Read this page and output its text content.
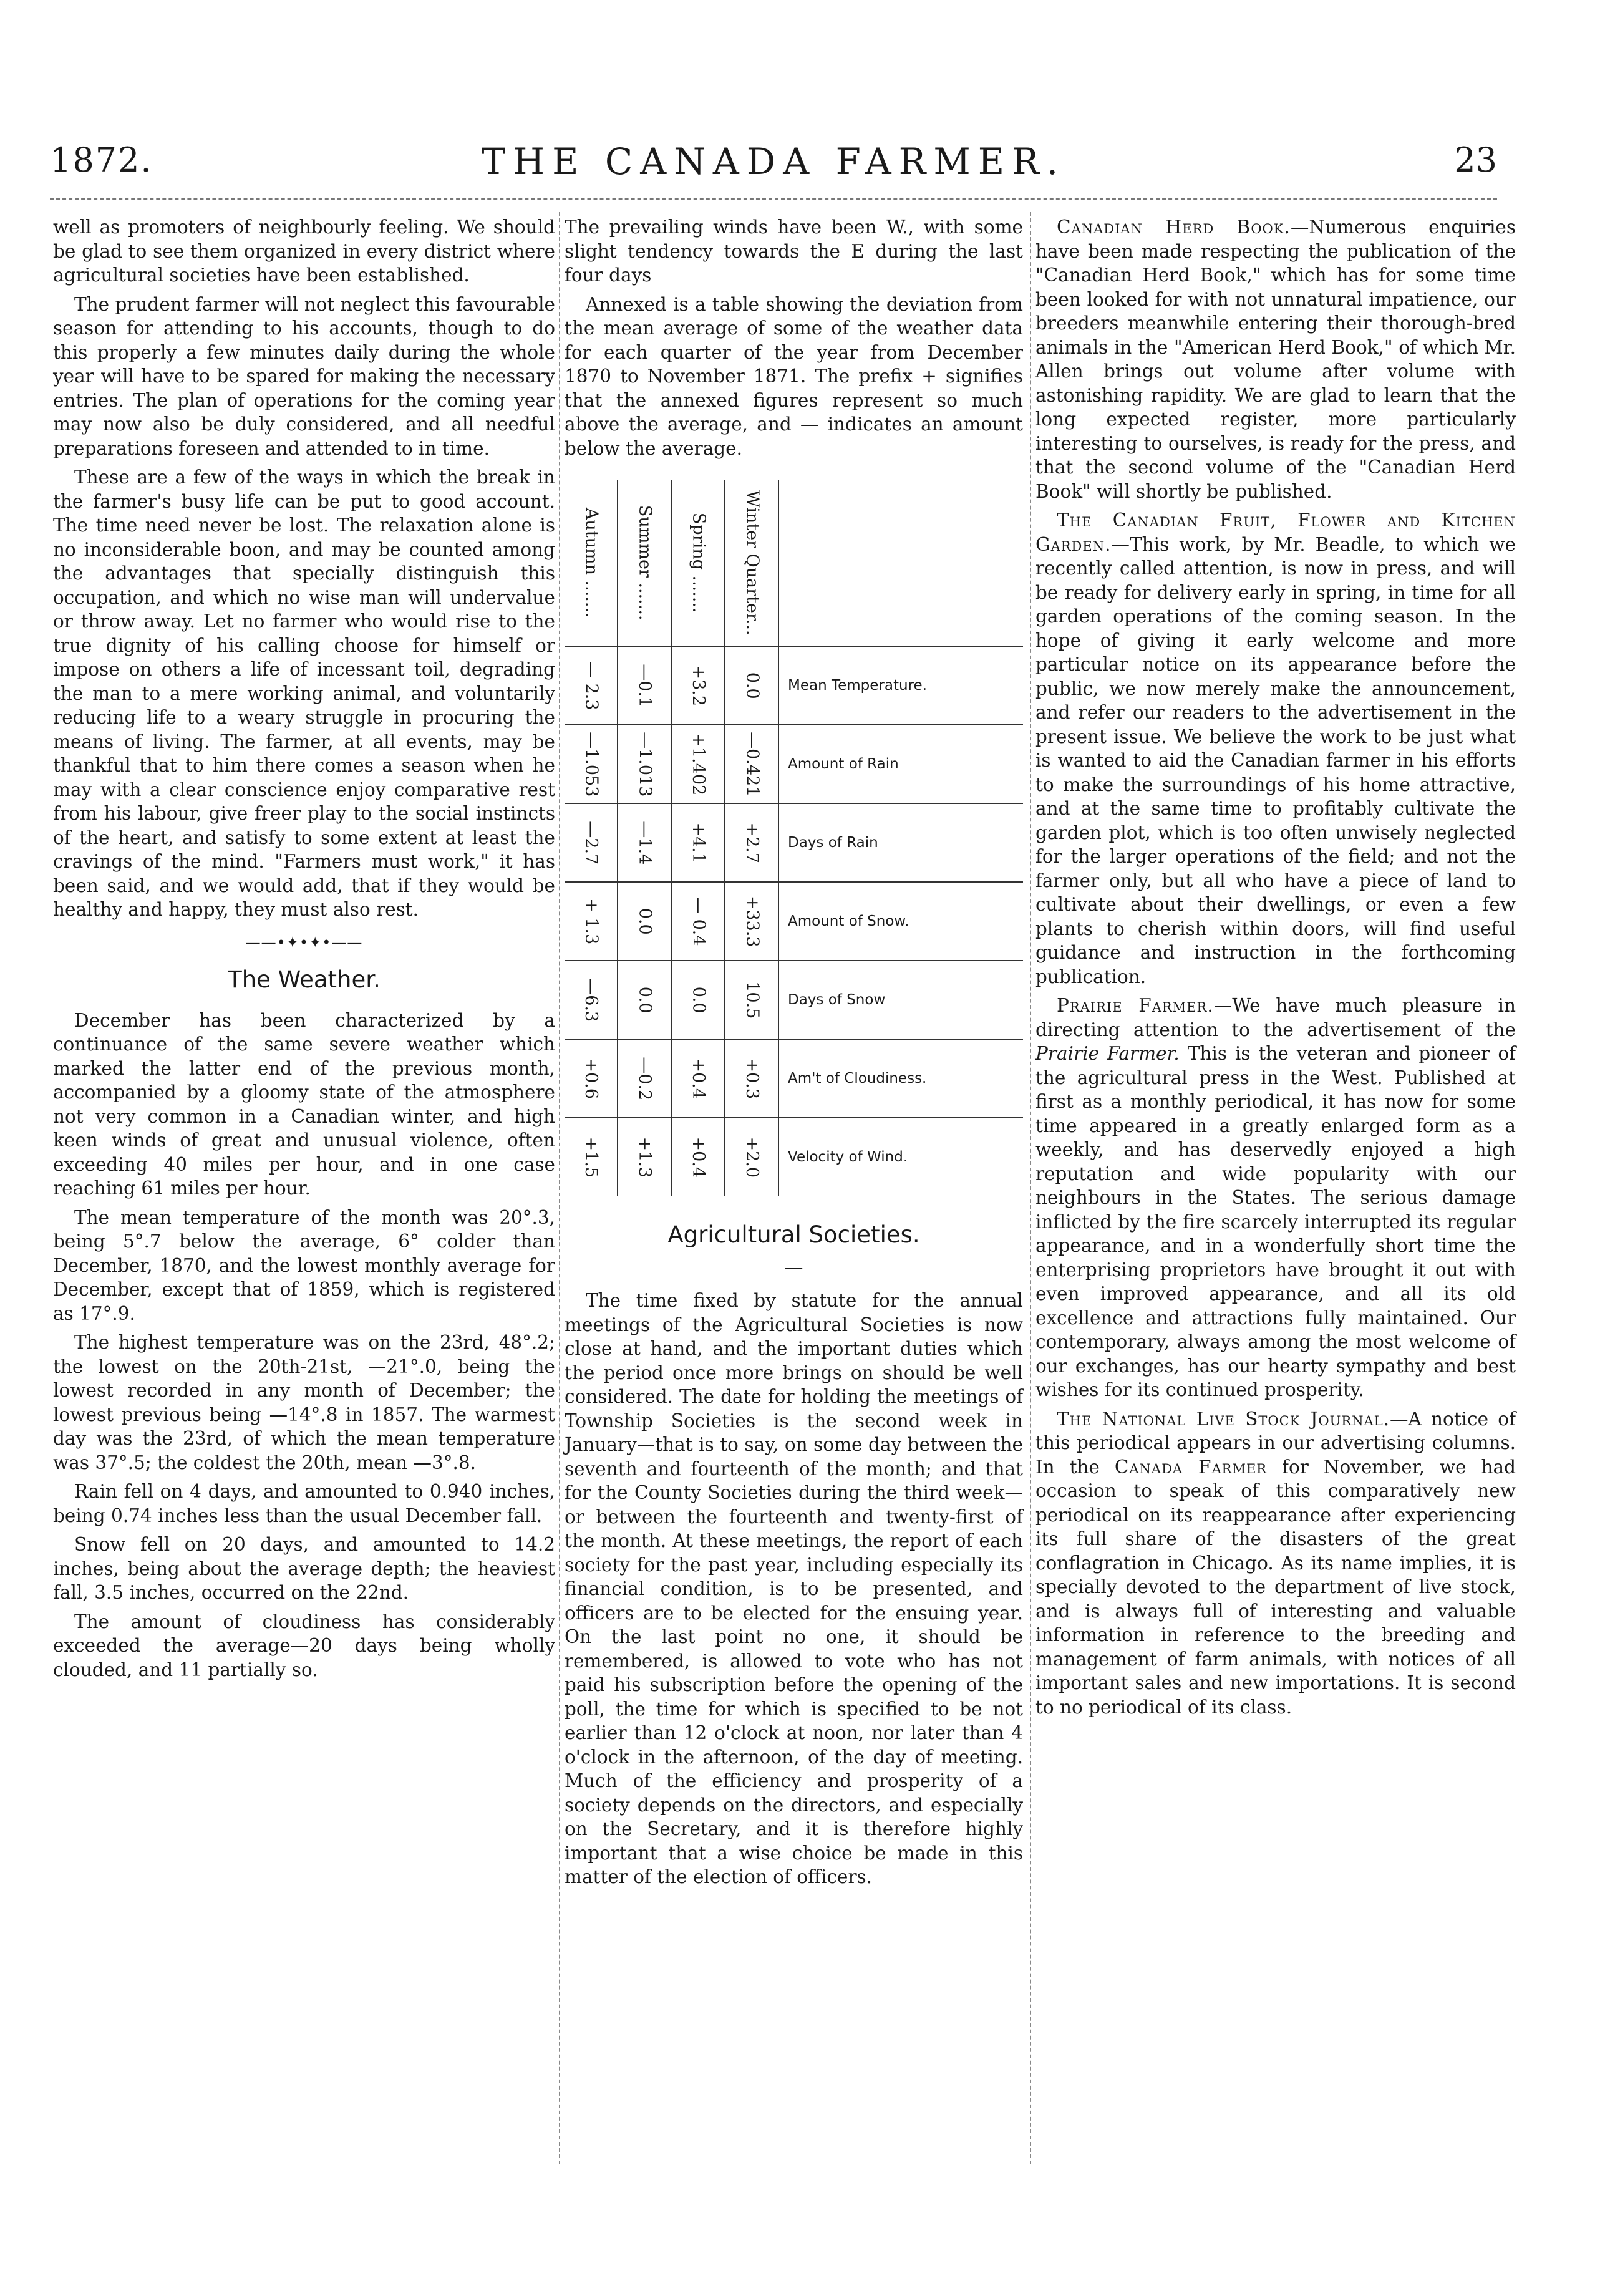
1872.	THE CANADA FARMER.	23

well as promoters of neighbourly feeling. We should be glad to see them organized in every district where agricultural societies have been established.

The prudent farmer will not neglect this favourable season for attending to his accounts, though to do this properly a few minutes daily during the whole year will have to be spared for making the necessary entries. The plan of operations for the coming year may now also be duly considered, and all needful preparations foreseen and attended to in time.

These are a few of the ways in which the break in the farmer's busy life can be put to good account. The time need never be lost. The relaxation alone is no inconsiderable boon, and may be counted among the advantages that specially distinguish this occupation, and which no wise man will undervalue or throw away. Let no farmer who would rise to the true dignity of his calling choose for himself or impose on others a life of incessant toil, degrading the man to a mere working animal, and voluntarily reducing life to a weary struggle in procuring the means of living. The farmer, at all events, may be thankful that to him there comes a season when he may with a clear conscience enjoy comparative rest from his labour, give freer play to the social instincts of the heart, and satisfy to some extent at least the cravings of the mind. "Farmers must work," it has been said, and we would add, that if they would be healthy and happy, they must also rest.

——•✦•✦•——
The Weather.

December has been characterized by a continuance of the same severe weather which marked the latter end of the previous month, accompanied by a gloomy state of the atmosphere not very common in a Canadian winter, and high keen winds of great and unusual violence, often exceeding 40 miles per hour, and in one case reaching 61 miles per hour.

The mean temperature of the month was 20°.3, being 5°.7 below the average, 6° colder than December, 1870, and the lowest monthly average for December, except that of 1859, which is registered as 17°.9.

The highest temperature was on the 23rd, 48°.2; the lowest on the 20th-21st, —21°.0, being the lowest recorded in any month of December; the lowest previous being —14°.8 in 1857. The warmest day was the 23rd, of which the mean temperature was 37°.5; the coldest the 20th, mean —3°.8.

Rain fell on 4 days, and amounted to 0.940 inches, being 0.74 inches less than the usual December fall.

Snow fell on 20 days, and amounted to 14.2 inches, being about the average depth; the heaviest fall, 3.5 inches, occurred on the 22nd.

The amount of cloudiness has considerably exceeded the average—20 days being wholly clouded, and 11 partially so.

The prevailing winds have been W., with some slight tendency towards the E during the last four days

Annexed is a table showing the deviation from the mean average of some of the weather data for each quarter of the year from December 1870 to November 1871. The prefix + signifies that the annexed figures represent so much above the average, and — indicates an amount below the average.

Autumn ....... Summer ....... Spring ....... Winter Quarter...
— 2.3 —0.1 +3.2 0.0	Mean Temperature.
—1.053 —1.013 +1.402 —0.421	Amount of Rain
—2.7 —1.4 +4.1 +2.7	Days of Rain
+ 1.3 0.0 — 0.4 +33.3	Amount of Snow.
—6.3 0.0 0.0 10.5	Days of Snow
+0.6 —0.2 +0.4 +0.3	Am't of Cloudiness.
+1.5 +1.3 +0.4 +2.0	Velocity of Wind.
Agricultural Societies.
—

The time fixed by statute for the annual meetings of the Agricultural Societies is now close at hand, and the important duties which the period once more brings on should be well considered. The date for holding the meetings of Township Societies is the second week in January—that is to say, on some day between the seventh and fourteenth of the month; and that for the County Societies during the third week—or between the fourteenth and twenty-first of the month. At these meetings, the report of each society for the past year, including especially its financial condition, is to be presented, and officers are to be elected for the ensuing year. On the last point no one, it should be remembered, is allowed to vote who has not paid his subscription before the opening of the poll, the time for which is specified to be not earlier than 12 o'clock at noon, nor later than 4 o'clock in the afternoon, of the day of meeting. Much of the efficiency and prosperity of a society depends on the directors, and especially on the Secretary, and it is therefore highly important that a wise choice be made in this matter of the election of officers.

Canadian Herd Book.—Numerous enquiries have been made respecting the publication of the "Canadian Herd Book," which has for some time been looked for with not unnatural impatience, our breeders meanwhile entering their thorough-bred animals in the "American Herd Book," of which Mr. Allen brings out volume after volume with astonishing rapidity. We are glad to learn that the long expected register, more particularly interesting to ourselves, is ready for the press, and that the second volume of the "Canadian Herd Book" will shortly be published.

The Canadian Fruit, Flower and Kitchen Garden.—This work, by Mr. Beadle, to which we recently called attention, is now in press, and will be ready for delivery early in spring, in time for all garden operations of the coming season. In the hope of giving it early welcome and more particular notice on its appearance before the public, we now merely make the announcement, and refer our readers to the advertisement in the present issue. We believe the work to be just what is wanted to aid the Canadian farmer in his efforts to make the surroundings of his home attractive, and at the same time to profitably cultivate the garden plot, which is too often unwisely neglected for the larger operations of the field; and not the farmer only, but all who have a piece of land to cultivate about their dwellings, or even a few plants to cherish within doors, will find useful guidance and instruction in the forthcoming publication.

Prairie Farmer.—We have much pleasure in directing attention to the advertisement of the Prairie Farmer. This is the veteran and pioneer of the agricultural press in the West. Published at first as a monthly periodical, it has now for some time appeared in a greatly enlarged form as a weekly, and has deservedly enjoyed a high reputation and wide popularity with our neighbours in the States. The serious damage inflicted by the fire scarcely interrupted its regular appearance, and in a wonderfully short time the enterprising proprietors have brought it out with even improved appearance, and all its old excellence and attractions fully maintained. Our contemporary, always among the most welcome of our exchanges, has our hearty sympathy and best wishes for its continued prosperity.

The National Live Stock Journal.—A notice of this periodical appears in our advertising columns. In the Canada Farmer for November, we had occasion to speak of this comparatively new periodical on its reappearance after experiencing its full share of the disasters of the great conflagration in Chicago. As its name implies, it is specially devoted to the department of live stock, and is always full of interesting and valuable information in reference to the breeding and management of farm animals, with notices of all important sales and new importations. It is second to no periodical of its class.
